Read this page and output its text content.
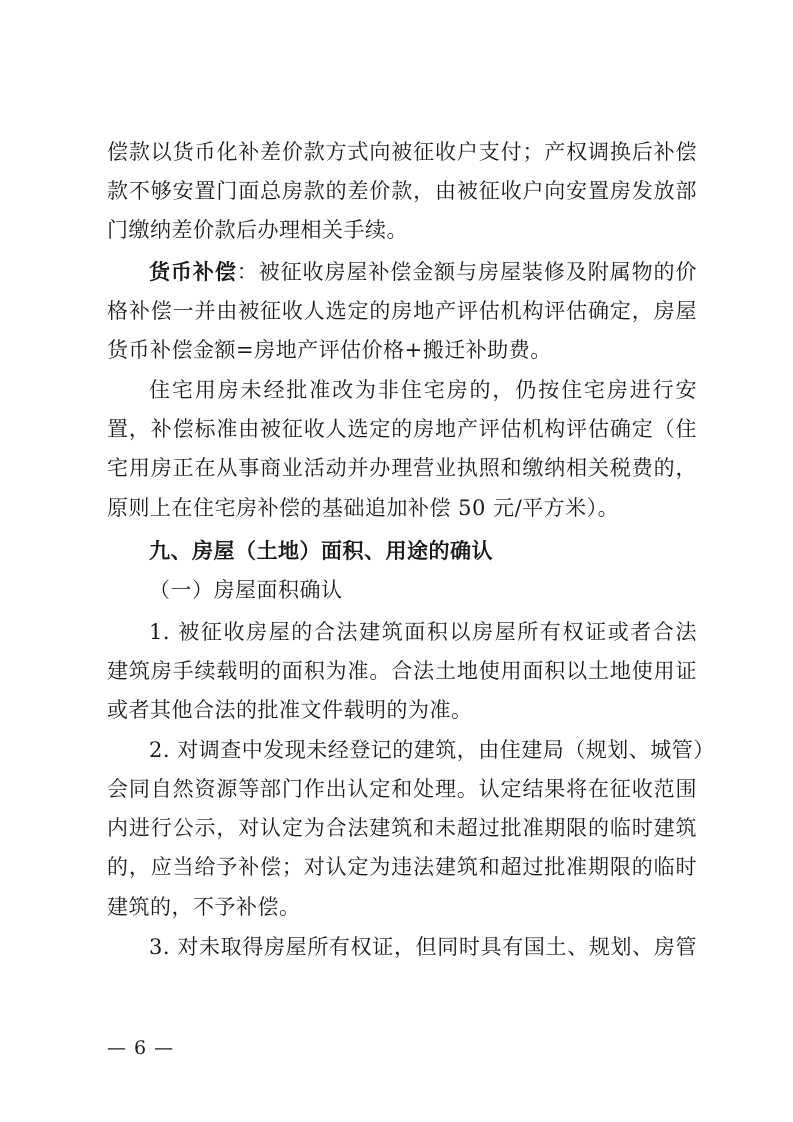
偿款以货币化补差价款方式向被征收户支付；产权调换后补偿
款不够安置门面总房款的差价款，由被征收户向安置房发放部
门缴纳差价款后办理相关手续。
货币补偿：被征收房屋补偿金额与房屋装修及附属物的价
格补偿一并由被征收人选定的房地产评估机构评估确定，房屋
货币补偿金额=房地产评估价格+搬迁补助费。
住宅用房未经批准改为非住宅房的，仍按住宅房进行安
置，补偿标准由被征收人选定的房地产评估机构评估确定（住
宅用房正在从事商业活动并办理营业执照和缴纳相关税费的，
原则上在住宅房补偿的基础追加补偿 50 元/平方米）。
九、房屋（土地）面积、用途的确认
（一）房屋面积确认
1. 被征收房屋的合法建筑面积以房屋所有权证或者合法
建筑房手续载明的面积为准。合法土地使用面积以土地使用证
或者其他合法的批准文件载明的为准。
2. 对调查中发现未经登记的建筑，由住建局（规划、城管）
会同自然资源等部门作出认定和处理。认定结果将在征收范围
内进行公示，对认定为合法建筑和未超过批准期限的临时建筑
的，应当给予补偿；对认定为违法建筑和超过批准期限的临时
建筑的，不予补偿。
3. 对未取得房屋所有权证，但同时具有国土、规划、房管
— 6 —
